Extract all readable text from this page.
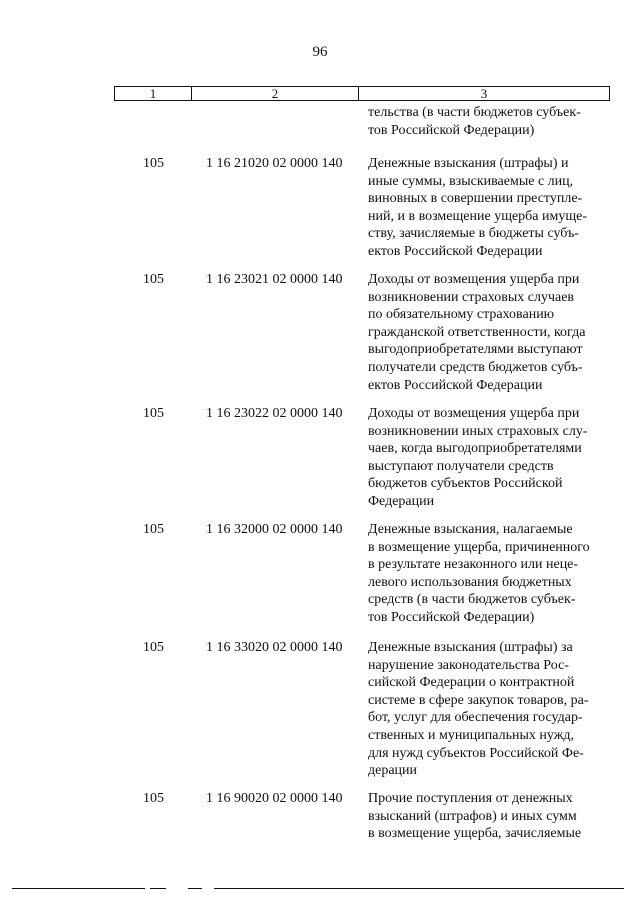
96
1	2	3
тельства (в части бюджетов субъек-
тов Российской Федерации)
105	1 16 21020 02 0000 140 Денежные взыскания (штрафы) и
иные суммы, взыскиваемые с лиц,
виновных в совершении преступле-
ний, и в возмещение ущерба имуще-
ству, зачисляемые в бюджеты субъ-
ектов Российской Федерации
105	1 16 23021 02 0000 140 Доходы от возмещения ущерба при
возникновении страховых случаев
по обязательному страхованию
гражданской ответственности, когда
выгодоприобретателями выступают
получатели средств бюджетов субъ-
ектов Российской Федерации
105	1 16 23022 02 0000 140 Доходы от возмещения ущерба при
возникновении иных страховых слу-
чаев, когда выгодоприобретателями
выступают получатели средств
бюджетов субъектов Российской
Федерации
105	1 16 32000 02 0000 140 Денежные взыскания, налагаемые
в возмещение ущерба, причиненного
в результате незаконного или неце-
левого использования бюджетных
средств (в части бюджетов субъек-
тов Российской Федерации)
105	1 16 33020 02 0000 140 Денежные взыскания (штрафы) за
нарушение законодательства Рос-
сийской Федерации о контрактной
системе в сфере закупок товаров, ра-
бот, услуг для обеспечения государ-
ственных и муниципальных нужд,
для нужд субъектов Российской Фе-
дерации
105	1 16 90020 02 0000 140 Прочие поступления от денежных
взысканий (штрафов) и иных сумм
в возмещение ущерба, зачисляемые
